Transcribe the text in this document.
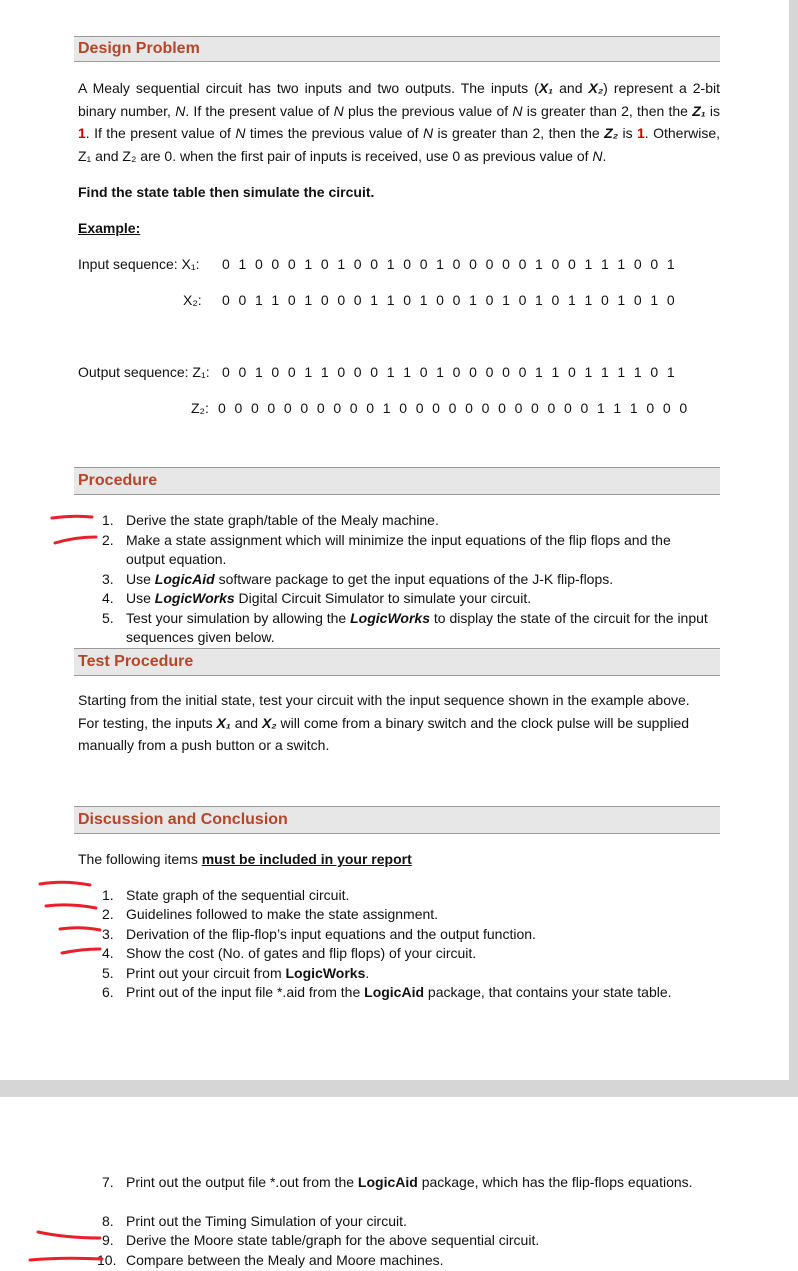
Design Problem
A Mealy sequential circuit has two inputs and two outputs. The inputs (X₁ and X₂) represent a 2-bit binary number, N. If the present value of N plus the previous value of N is greater than 2, then the Z₁ is 1. If the present value of N times the previous value of N is greater than 2, then the Z₂ is 1. Otherwise, Z₁ and Z₂ are 0. when the first pair of inputs is received, use 0 as previous value of N.
Find the state table then simulate the circuit.
Example:
Input sequence: X₁: 0 1 0 0 0 1 0 1 0 0 1 0 0 1 0 0 0 0 0 1 0 0 1 1 1 0 0 1
X₂: 0 0 1 1 0 1 0 0 0 1 1 0 1 0 0 1 0 1 0 1 0 1 1 0 1 0 1 0
Output sequence: Z₁: 0 0 1 0 0 1 1 0 0 0 1 1 0 1 0 0 0 0 0 1 1 0 1 1 1 1 0 1
Z₂: 0 0 0 0 0 0 0 0 0 0 1 0 0 0 0 0 0 0 0 0 0 0 0 1 1 1 0 0 0
Procedure
1. Derive the state graph/table of the Mealy machine.
2. Make a state assignment which will minimize the input equations of the flip flops and the output equation.
3. Use LogicAid software package to get the input equations of the J-K flip-flops.
4. Use LogicWorks Digital Circuit Simulator to simulate your circuit.
5. Test your simulation by allowing the LogicWorks to display the state of the circuit for the input sequences given below.
Test Procedure
Starting from the initial state, test your circuit with the input sequence shown in the example above. For testing, the inputs X₁ and X₂ will come from a binary switch and the clock pulse will be supplied manually from a push button or a switch.
Discussion and Conclusion
The following items must be included in your report
1. State graph of the sequential circuit.
2. Guidelines followed to make the state assignment.
3. Derivation of the flip-flop’s input equations and the output function.
4. Show the cost (No. of gates and flip flops) of your circuit.
5. Print out your circuit from LogicWorks.
6. Print out of the input file *.aid from the LogicAid package, that contains your state table.
7. Print out the output file *.out from the LogicAid package, which has the flip-flops equations.
8. Print out the Timing Simulation of your circuit.
9. Derive the Moore state table/graph for the above sequential circuit.
10. Compare between the Mealy and Moore machines.
